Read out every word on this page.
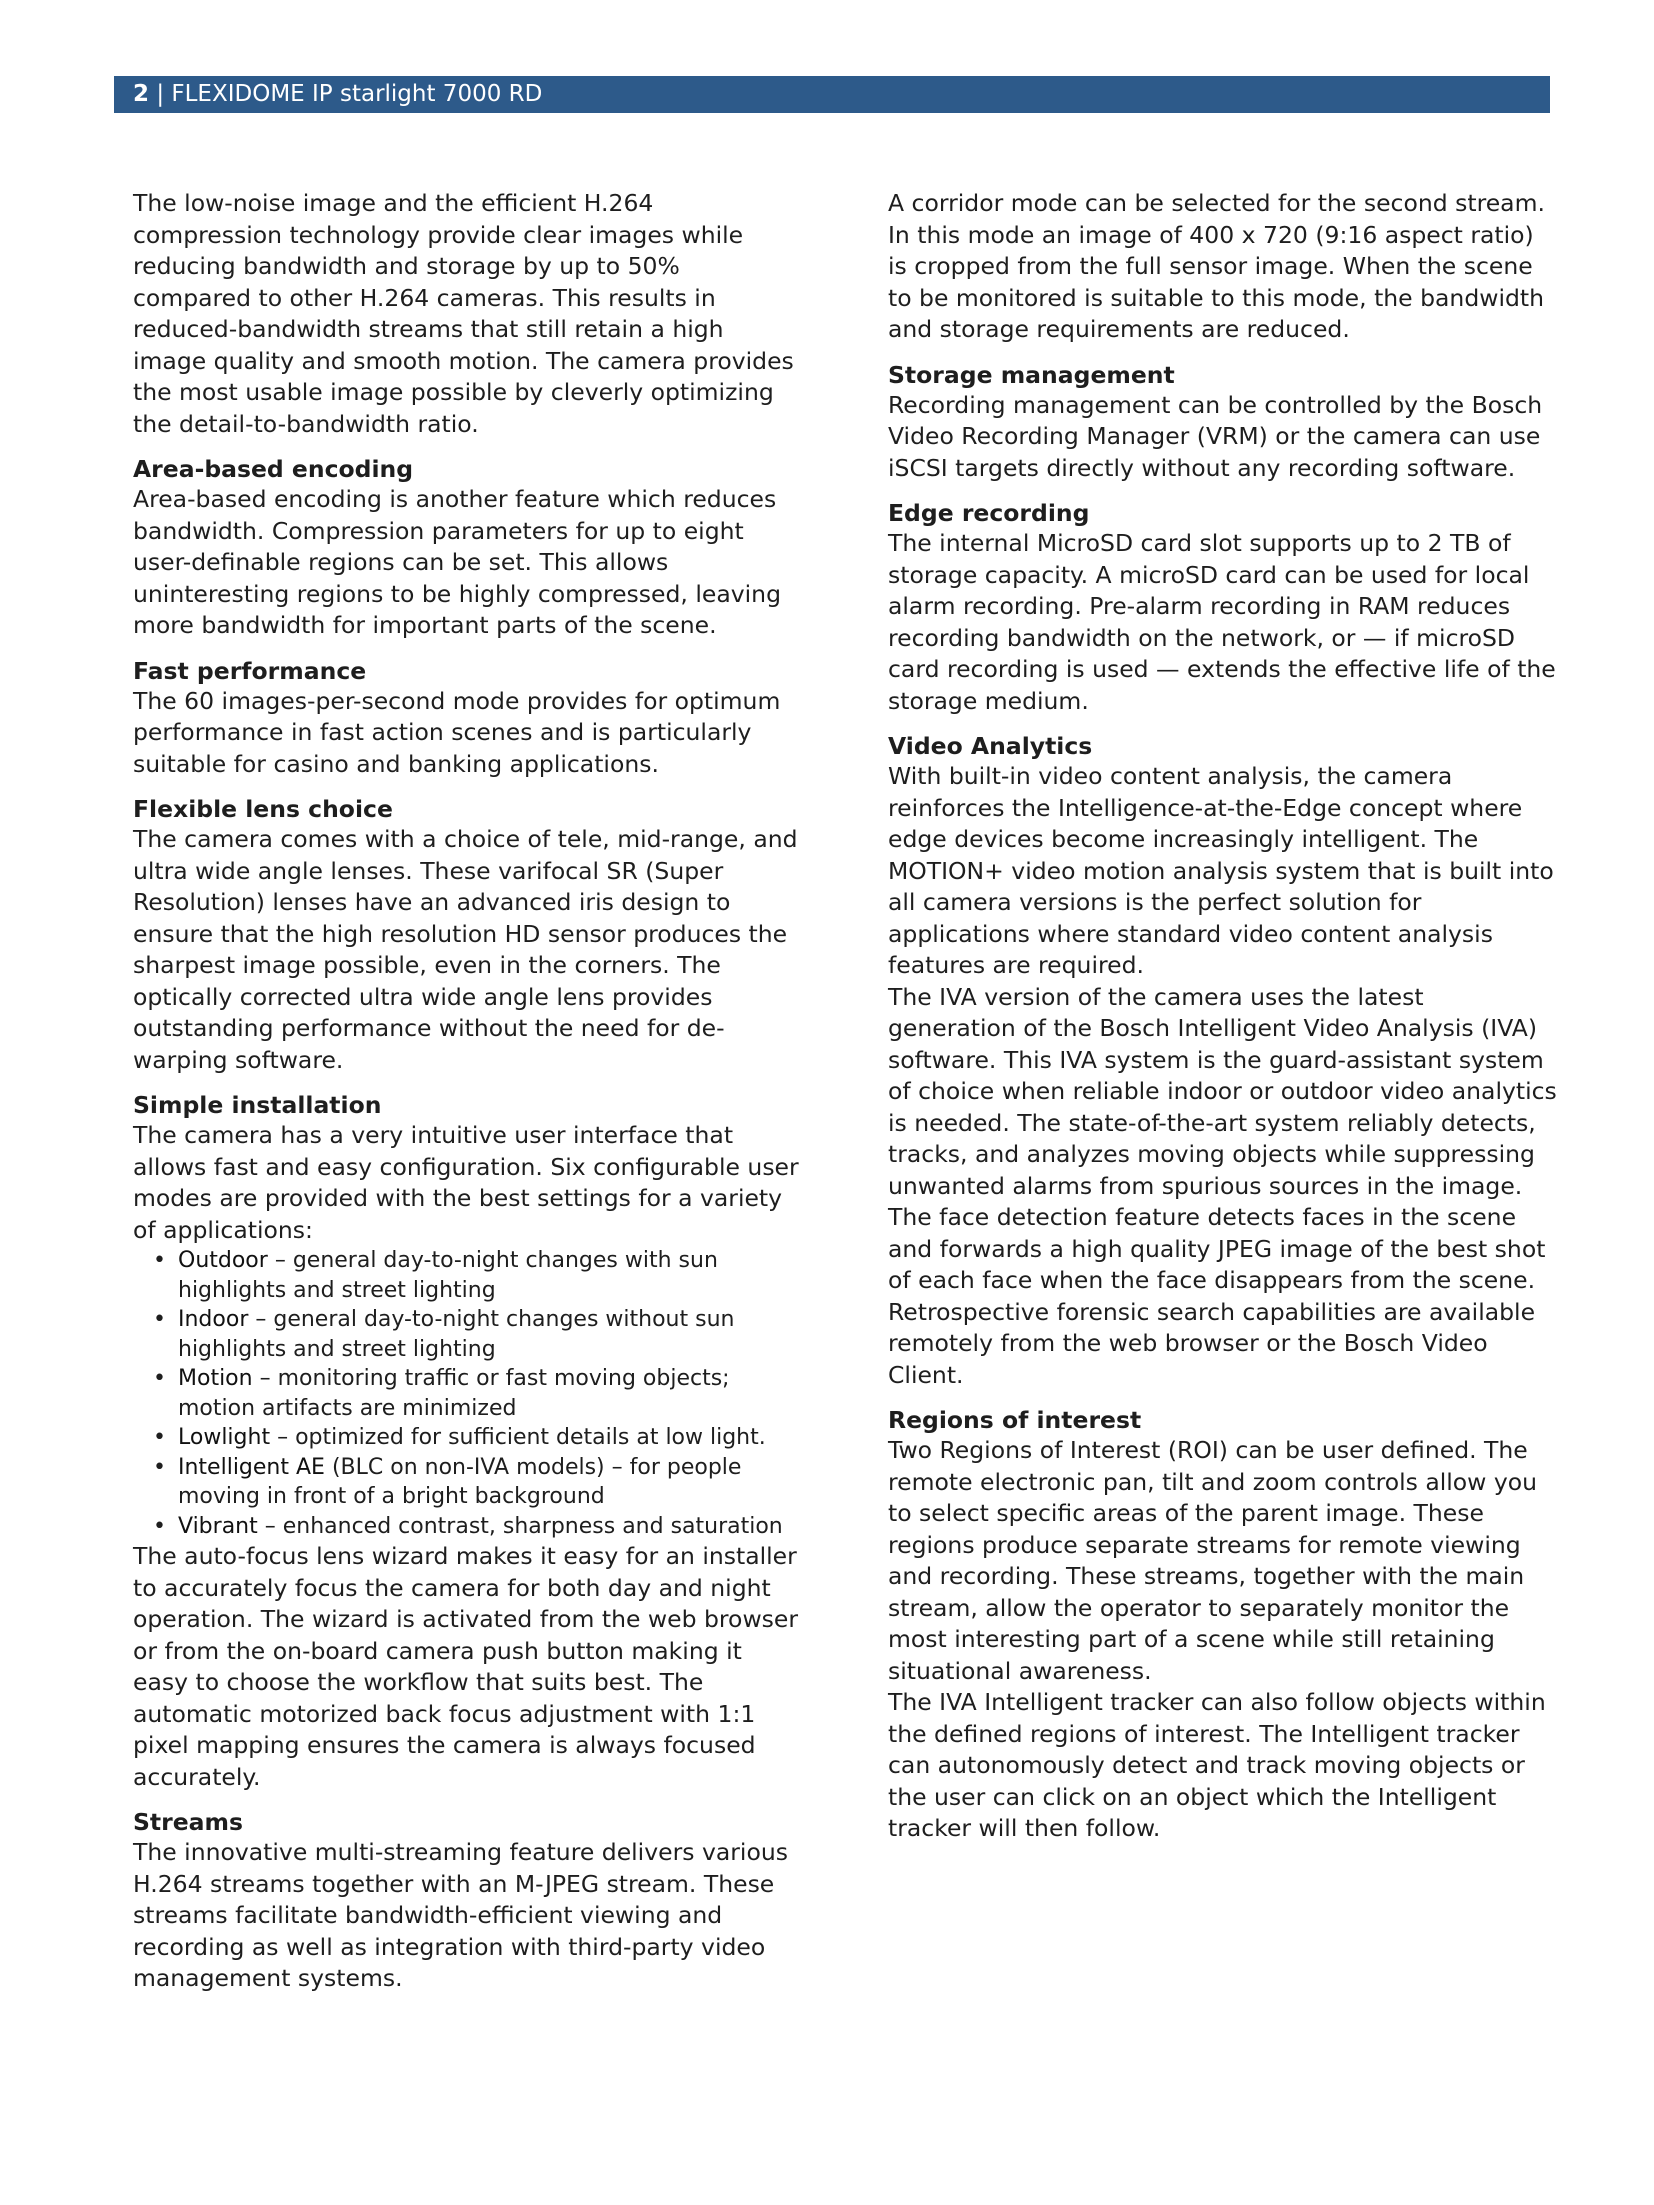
2 | FLEXIDOME IP starlight 7000 RD

The low-noise image and the efficient H.264 compression technology provide clear images while reducing bandwidth and storage by up to 50% compared to other H.264 cameras. This results in reduced-bandwidth streams that still retain a high image quality and smooth motion. The camera provides the most usable image possible by cleverly optimizing the detail-to-bandwidth ratio.

Area-based encoding

Area-based encoding is another feature which reduces bandwidth. Compression parameters for up to eight user-definable regions can be set. This allows uninteresting regions to be highly compressed, leaving more bandwidth for important parts of the scene.

Fast performance

The 60 images-per-second mode provides for optimum performance in fast action scenes and is particularly suitable for casino and banking applications.

Flexible lens choice

The camera comes with a choice of tele, mid-range, and ultra wide angle lenses. These varifocal SR (Super Resolution) lenses have an advanced iris design to ensure that the high resolution HD sensor produces the sharpest image possible, even in the corners. The optically corrected ultra wide angle lens provides outstanding performance without the need for de-warping software.

Simple installation

The camera has a very intuitive user interface that allows fast and easy configuration. Six configurable user modes are provided with the best settings for a variety of applications:

• Outdoor – general day-to-night changes with sun highlights and street lighting
• Indoor – general day-to-night changes without sun highlights and street lighting
• Motion – monitoring traffic or fast moving objects; motion artifacts are minimized
• Lowlight – optimized for sufficient details at low light.
• Intelligent AE (BLC on non-IVA models) – for people moving in front of a bright background
• Vibrant – enhanced contrast, sharpness and saturation

The auto-focus lens wizard makes it easy for an installer to accurately focus the camera for both day and night operation. The wizard is activated from the web browser or from the on-board camera push button making it easy to choose the workflow that suits best. The automatic motorized back focus adjustment with 1:1 pixel mapping ensures the camera is always focused accurately.

Streams

The innovative multi-streaming feature delivers various H.264 streams together with an M-JPEG stream. These streams facilitate bandwidth-efficient viewing and recording as well as integration with third-party video management systems.

A corridor mode can be selected for the second stream. In this mode an image of 400 x 720 (9:16 aspect ratio) is cropped from the full sensor image. When the scene to be monitored is suitable to this mode, the bandwidth and storage requirements are reduced.

Storage management

Recording management can be controlled by the Bosch Video Recording Manager (VRM) or the camera can use iSCSI targets directly without any recording software.

Edge recording

The internal MicroSD card slot supports up to 2 TB of storage capacity. A microSD card can be used for local alarm recording. Pre-alarm recording in RAM reduces recording bandwidth on the network, or — if microSD card recording is used — extends the effective life of the storage medium.

Video Analytics

With built-in video content analysis, the camera reinforces the Intelligence-at-the-Edge concept where edge devices become increasingly intelligent. The MOTION+ video motion analysis system that is built into all camera versions is the perfect solution for applications where standard video content analysis features are required.

The IVA version of the camera uses the latest generation of the Bosch Intelligent Video Analysis (IVA) software. This IVA system is the guard-assistant system of choice when reliable indoor or outdoor video analytics is needed. The state-of-the-art system reliably detects, tracks, and analyzes moving objects while suppressing unwanted alarms from spurious sources in the image.

The face detection feature detects faces in the scene and forwards a high quality JPEG image of the best shot of each face when the face disappears from the scene.

Retrospective forensic search capabilities are available remotely from the web browser or the Bosch Video Client.

Regions of interest

Two Regions of Interest (ROI) can be user defined. The remote electronic pan, tilt and zoom controls allow you to select specific areas of the parent image. These regions produce separate streams for remote viewing and recording. These streams, together with the main stream, allow the operator to separately monitor the most interesting part of a scene while still retaining situational awareness.

The IVA Intelligent tracker can also follow objects within the defined regions of interest. The Intelligent tracker can autonomously detect and track moving objects or the user can click on an object which the Intelligent tracker will then follow.
